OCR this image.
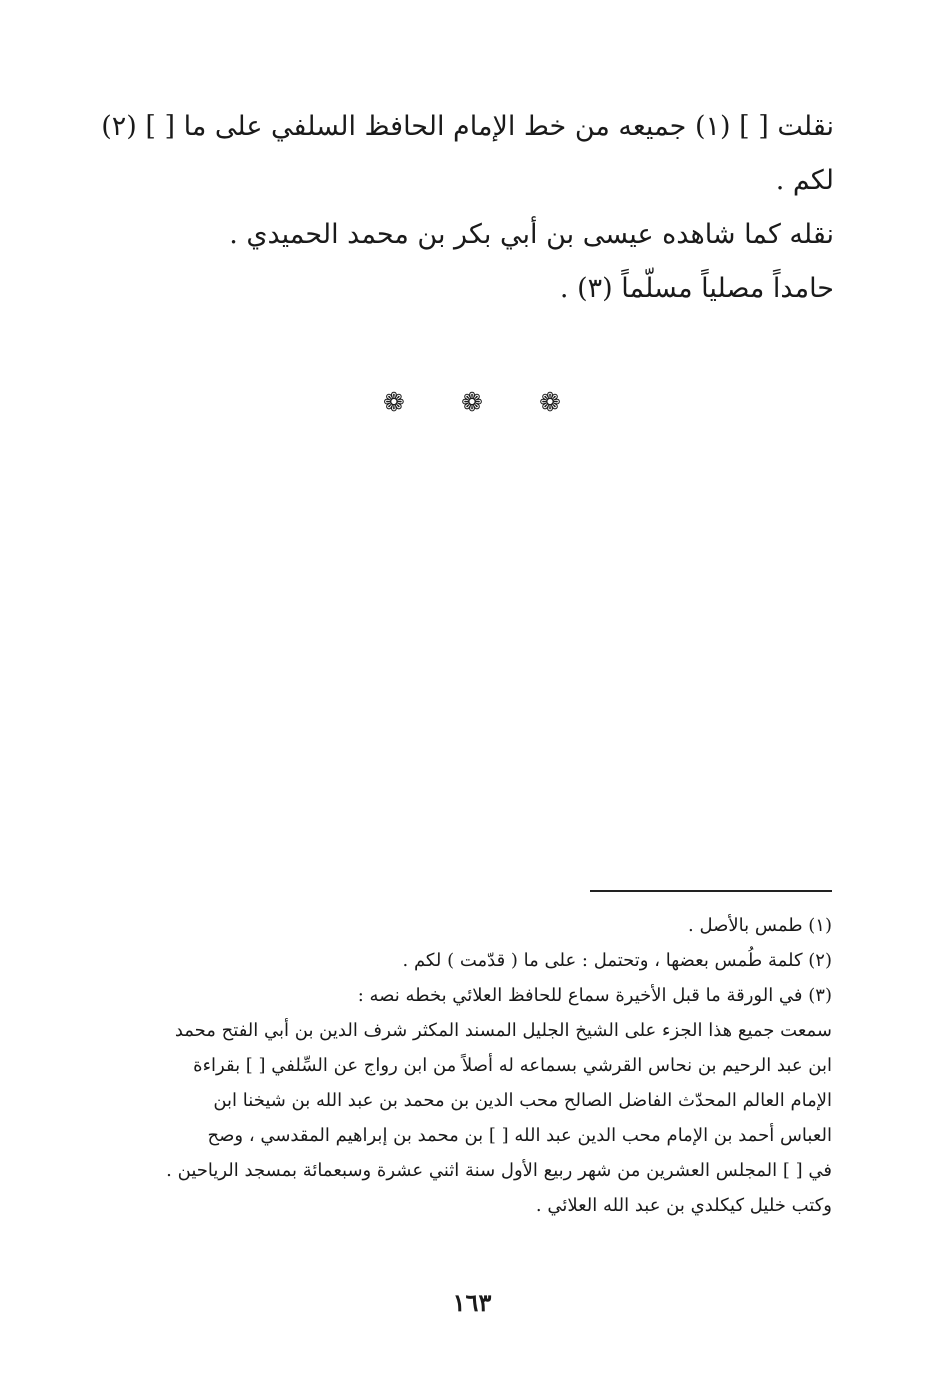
نقلت [ ] (١) جميعه من خط الإمام الحافظ السلفي على ما [ ] (٢)

لكم .

نقله كما شاهده عيسى بن أبي بكر بن محمد الحميدي .

حامداً مصلياً مسلّماً (٣) .

❁ ❁ ❁

(١) طمس بالأصل .

(٢) كلمة طُمس بعضها ، وتحتمل : على ما ( قدّمت ) لكم .

(٣) في الورقة ما قبل الأخيرة سماع للحافظ العلائي بخطه نصه :

سمعت جميع هذا الجزء على الشيخ الجليل المسند المكثر شرف الدين بن أبي الفتح محمد

ابن عبد الرحيم بن نحاس القرشي بسماعه له أصلاً من ابن رواج عن السِّلفي [ ] بقراءة

الإمام العالم المحدّث الفاضل الصالح محب الدين بن محمد بن عبد الله بن شيخنا ابن

العباس أحمد بن الإمام محب الدين عبد الله [ ] بن محمد بن إبراهيم المقدسي ، وصح

في [ ] المجلس العشرين من شهر ربيع الأول سنة اثني عشرة وسبعمائة بمسجد الرياحين .

وكتب خليل كيكلدي بن عبد الله العلائي .

١٦٣
